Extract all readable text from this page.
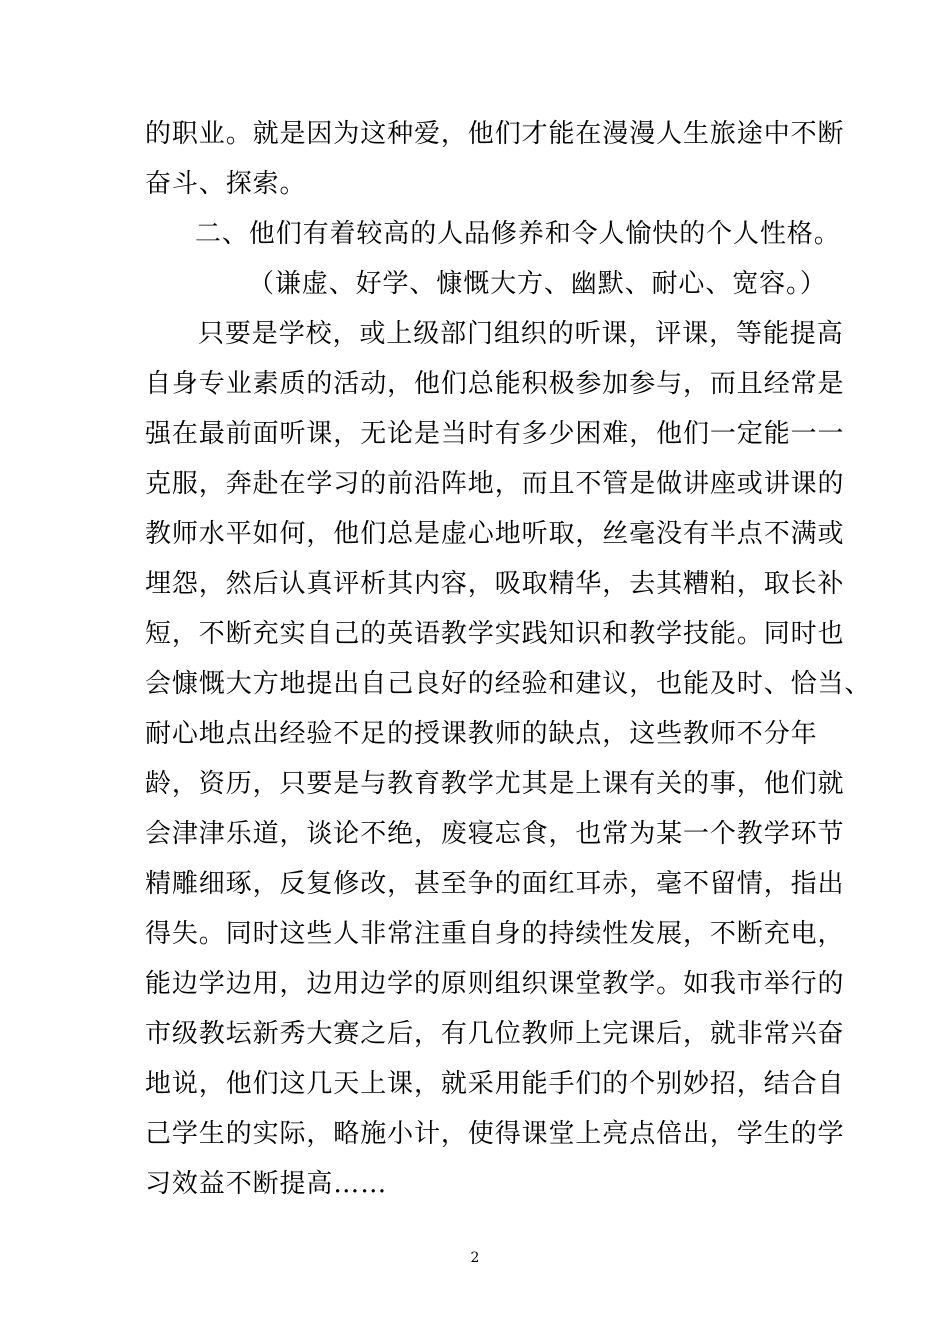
的职业。就是因为这种爱，他们才能在漫漫人生旅途中不断
奋斗、探索。
二、他们有着较高的人品修养和令人愉快的个人性格。
（谦虚、好学、慷慨大方、幽默、耐心、宽容。）
只要是学校，或上级部门组织的听课，评课，等能提高
自身专业素质的活动，他们总能积极参加参与，而且经常是
强在最前面听课，无论是当时有多少困难，他们一定能一一
克服，奔赴在学习的前沿阵地，而且不管是做讲座或讲课的
教师水平如何，他们总是虚心地听取，丝毫没有半点不满或
埋怨，然后认真评析其内容，吸取精华，去其糟粕，取长补
短，不断充实自己的英语教学实践知识和教学技能。同时也
会慷慨大方地提出自己良好的经验和建议，也能及时、恰当、
耐心地点出经验不足的授课教师的缺点，这些教师不分年
龄，资历，只要是与教育教学尤其是上课有关的事，他们就
会津津乐道，谈论不绝，废寝忘食，也常为某一个教学环节
精雕细琢，反复修改，甚至争的面红耳赤，毫不留情，指出
得失。同时这些人非常注重自身的持续性发展，不断充电，
能边学边用，边用边学的原则组织课堂教学。如我市举行的
市级教坛新秀大赛之后，有几位教师上完课后，就非常兴奋
地说，他们这几天上课，就采用能手们的个别妙招，结合自
己学生的实际，略施小计，使得课堂上亮点倍出，学生的学
习效益不断提高……
2
